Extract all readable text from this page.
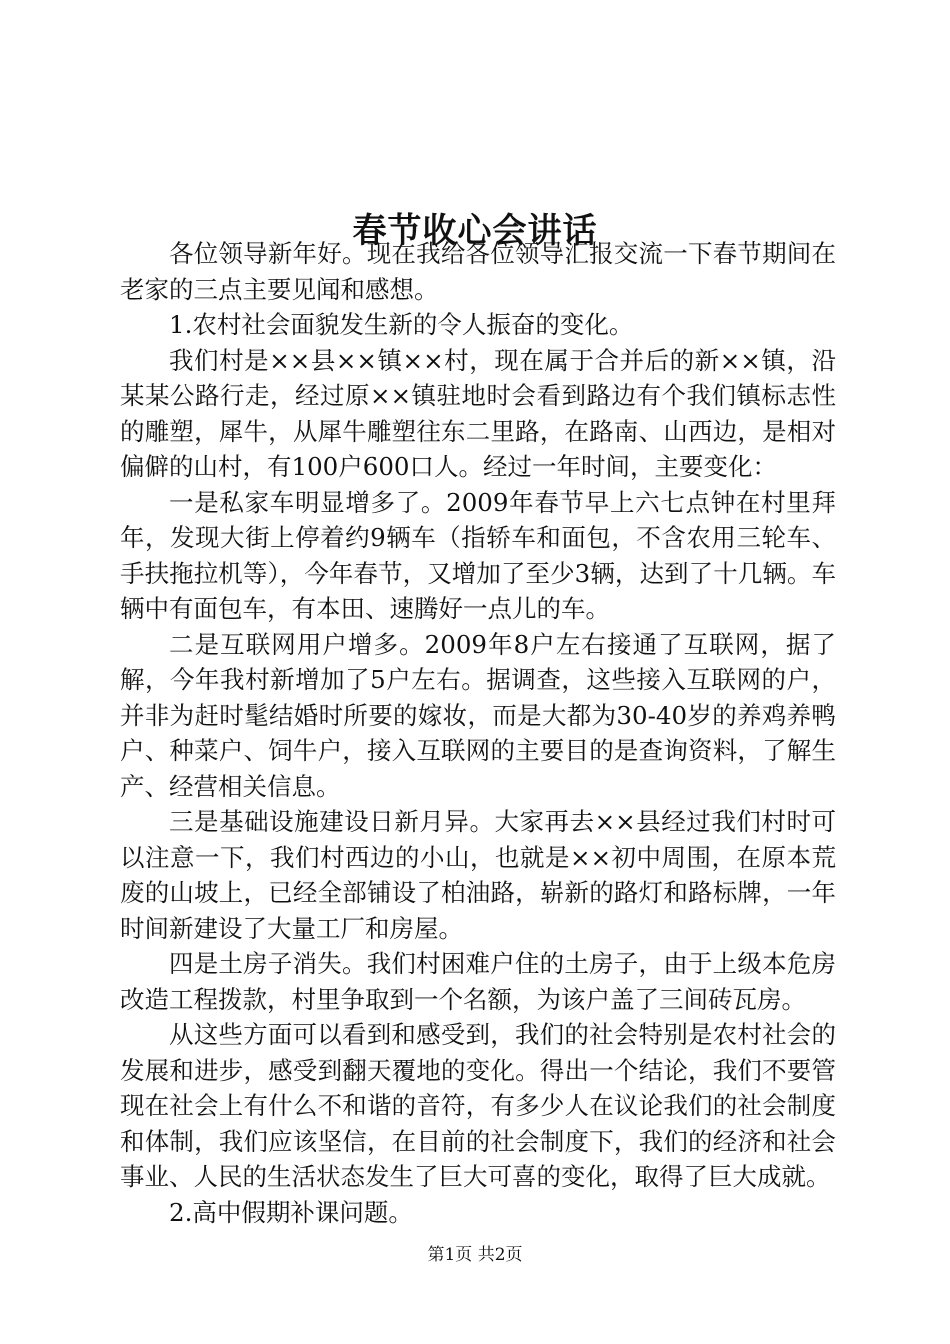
春节收心会讲话

各位领导新年好。现在我给各位领导汇报交流一下春节期间在老家的三点主要见闻和感想。

1.农村社会面貌发生新的令人振奋的变化。

我们村是××县××镇××村，现在属于合并后的新××镇，沿某某公路行走，经过原××镇驻地时会看到路边有个我们镇标志性的雕塑，犀牛，从犀牛雕塑往东二里路，在路南、山西边，是相对偏僻的山村，有100户600口人。经过一年时间，主要变化：

一是私家车明显增多了。2009年春节早上六七点钟在村里拜年，发现大街上停着约9辆车（指轿车和面包，不含农用三轮车、手扶拖拉机等），今年春节，又增加了至少3辆，达到了十几辆。车辆中有面包车，有本田、速腾好一点儿的车。

二是互联网用户增多。2009年8户左右接通了互联网，据了解，今年我村新增加了5户左右。据调查，这些接入互联网的户，并非为赶时髦结婚时所要的嫁妆，而是大都为30-40岁的养鸡养鸭户、种菜户、饲牛户，接入互联网的主要目的是查询资料，了解生产、经营相关信息。

三是基础设施建设日新月异。大家再去××县经过我们村时可以注意一下，我们村西边的小山，也就是××初中周围，在原本荒废的山坡上，已经全部铺设了柏油路，崭新的路灯和路标牌，一年时间新建设了大量工厂和房屋。

四是土房子消失。我们村困难户住的土房子，由于上级本危房改造工程拨款，村里争取到一个名额，为该户盖了三间砖瓦房。

从这些方面可以看到和感受到，我们的社会特别是农村社会的发展和进步，感受到翻天覆地的变化。得出一个结论，我们不要管现在社会上有什么不和谐的音符，有多少人在议论我们的社会制度和体制，我们应该坚信，在目前的社会制度下，我们的经济和社会事业、人民的生活状态发生了巨大可喜的变化，取得了巨大成就。

2.高中假期补课问题。

第1页 共2页
